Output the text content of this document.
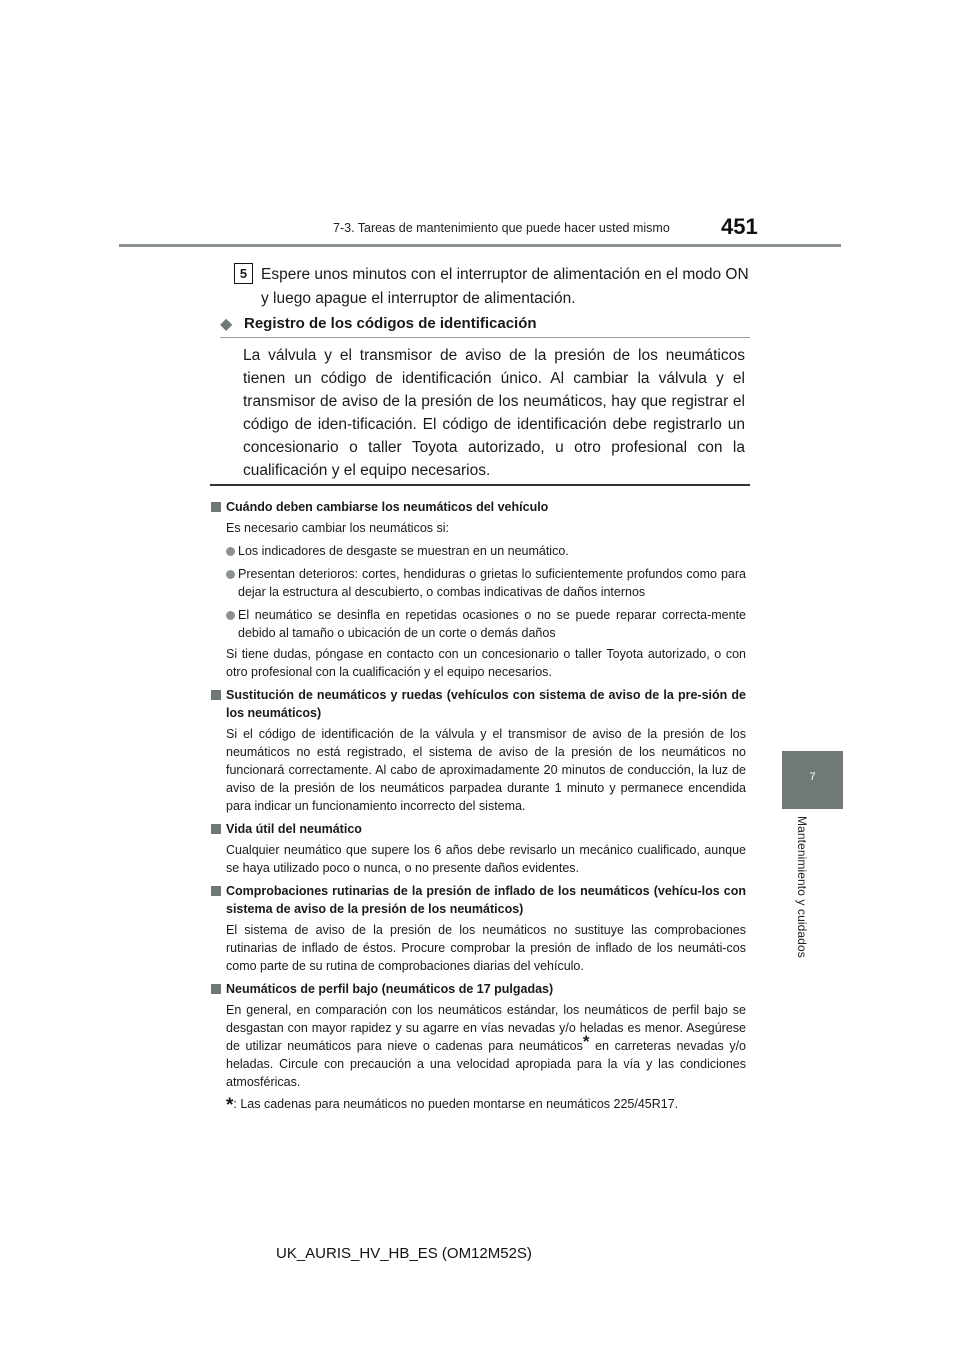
7-3. Tareas de mantenimiento que puede hacer usted mismo 451
7
Mantenimiento y cuidados
5 Espere unos minutos con el interruptor de alimentación en el modo ON y luego apague el interruptor de alimentación.
◆ Registro de los códigos de identificación
La válvula y el transmisor de aviso de la presión de los neumáticos tienen un código de identificación único. Al cambiar la válvula y el transmisor de aviso de la presión de los neumáticos, hay que registrar el código de iden-tificación. El código de identificación debe registrarlo un concesionario o taller Toyota autorizado, u otro profesional con la cualificación y el equipo necesarios.
Cuándo deben cambiarse los neumáticos del vehículo
Es necesario cambiar los neumáticos si:
Los indicadores de desgaste se muestran en un neumático.
Presentan deterioros: cortes, hendiduras o grietas lo suficientemente profundos como para dejar la estructura al descubierto, o combas indicativas de daños internos
El neumático se desinfla en repetidas ocasiones o no se puede reparar correcta-mente debido al tamaño o ubicación de un corte o demás daños
Si tiene dudas, póngase en contacto con un concesionario o taller Toyota autorizado, o con otro profesional con la cualificación y el equipo necesarios.
Sustitución de neumáticos y ruedas (vehículos con sistema de aviso de la pre-sión de los neumáticos)
Si el código de identificación de la válvula y el transmisor de aviso de la presión de los neumáticos no está registrado, el sistema de aviso de la presión de los neumáticos no funcionará correctamente. Al cabo de aproximadamente 20 minutos de conducción, la luz de aviso de la presión de los neumáticos parpadea durante 1 minuto y permanece encendida para indicar un funcionamiento incorrecto del sistema.
Vida útil del neumático
Cualquier neumático que supere los 6 años debe revisarlo un mecánico cualificado, aunque se haya utilizado poco o nunca, o no presente daños evidentes.
Comprobaciones rutinarias de la presión de inflado de los neumáticos (vehícu-los con sistema de aviso de la presión de los neumáticos)
El sistema de aviso de la presión de los neumáticos no sustituye las comprobaciones rutinarias de inflado de éstos. Procure comprobar la presión de inflado de los neumáti-cos como parte de su rutina de comprobaciones diarias del vehículo.
Neumáticos de perfil bajo (neumáticos de 17 pulgadas)
En general, en comparación con los neumáticos estándar, los neumáticos de perfil bajo se desgastan con mayor rapidez y su agarre en vías nevadas y/o heladas es menor. Asegúrese de utilizar neumáticos para nieve o cadenas para neumáticos* en carreteras nevadas y/o heladas. Circule con precaución a una velocidad apropiada para la vía y las condiciones atmosféricas.
*: Las cadenas para neumáticos no pueden montarse en neumáticos 225/45R17.
UK_AURIS_HV_HB_ES (OM12M52S)
